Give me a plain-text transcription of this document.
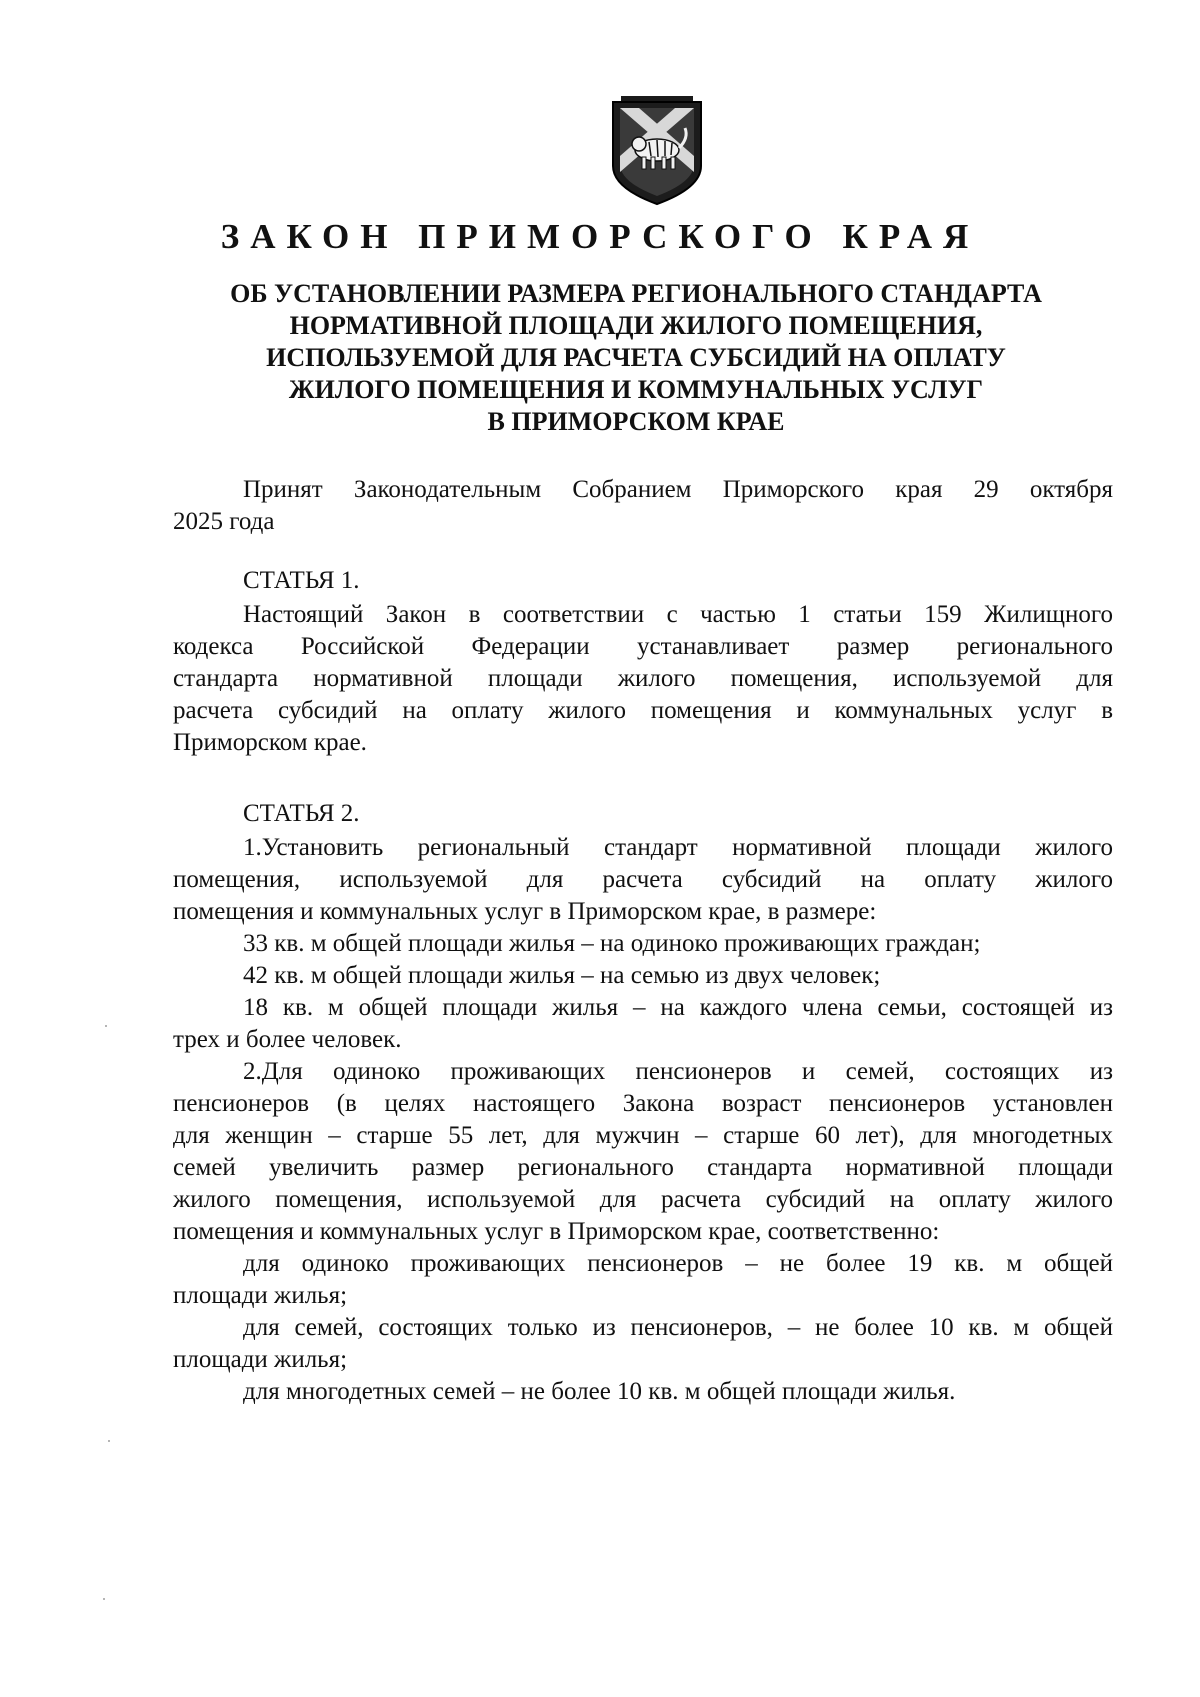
ЗАКОН ПРИМОРСКОГО КРАЯ
ОБ УСТАНОВЛЕНИИ РАЗМЕРА РЕГИОНАЛЬНОГО СТАНДАРТА
НОРМАТИВНОЙ ПЛОЩАДИ ЖИЛОГО ПОМЕЩЕНИЯ,
ИСПОЛЬЗУЕМОЙ ДЛЯ РАСЧЕТА СУБСИДИЙ НА ОПЛАТУ
ЖИЛОГО ПОМЕЩЕНИЯ И КОММУНАЛЬНЫХ УСЛУГ
В ПРИМОРСКОМ КРАЕ
Принят Законодательным Собранием Приморского края 29 октября
2025 года
СТАТЬЯ 1.
Настоящий Закон в соответствии с частью 1 статьи 159 Жилищного
кодекса Российской Федерации устанавливает размер регионального
стандарта нормативной площади жилого помещения, используемой для
расчета субсидий на оплату жилого помещения и коммунальных услуг в
Приморском крае.
СТАТЬЯ 2.
1.Установить региональный стандарт нормативной площади жилого
помещения, используемой для расчета субсидий на оплату жилого
помещения и коммунальных услуг в Приморском крае, в размере:
33 кв. м общей площади жилья – на одиноко проживающих граждан;
42 кв. м общей площади жилья – на семью из двух человек;
18 кв. м общей площади жилья – на каждого члена семьи, состоящей из
трех и более человек.
2.Для одиноко проживающих пенсионеров и семей, состоящих из
пенсионеров (в целях настоящего Закона возраст пенсионеров установлен
для женщин – старше 55 лет, для мужчин – старше 60 лет), для многодетных
семей увеличить размер регионального стандарта нормативной площади
жилого помещения, используемой для расчета субсидий на оплату жилого
помещения и коммунальных услуг в Приморском крае, соответственно:
для одиноко проживающих пенсионеров – не более 19 кв. м общей
площади жилья;
для семей, состоящих только из пенсионеров, – не более 10 кв. м общей
площади жилья;
для многодетных семей – не более 10 кв. м общей площади жилья.
